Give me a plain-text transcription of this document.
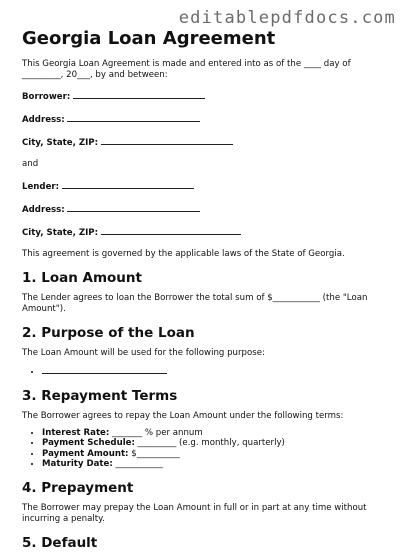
editablepdfdocs.com
Georgia Loan Agreement

This Georgia Loan Agreement is made and entered into as of the ____ day of _________, 20___, by and between:

Borrower:

Address:

City, State, ZIP:

and

Lender:

Address:

City, State, ZIP:

This agreement is governed by the applicable laws of the State of Georgia.

1. Loan Amount

The Lender agrees to loan the Borrower the total sum of $___________ (the "Loan Amount").

2. Purpose of the Loan

The Loan Amount will be used for the following purpose:

•
3. Repayment Terms

The Borrower agrees to repay the Loan Amount under the following terms:

• Interest Rate: _______ % per annum
• Payment Schedule: _________ (e.g. monthly, quarterly)
• Payment Amount: $__________
• Maturity Date: ___________
4. Prepayment

The Borrower may prepay the Loan Amount in full or in part at any time without incurring a penalty.

5. Default
